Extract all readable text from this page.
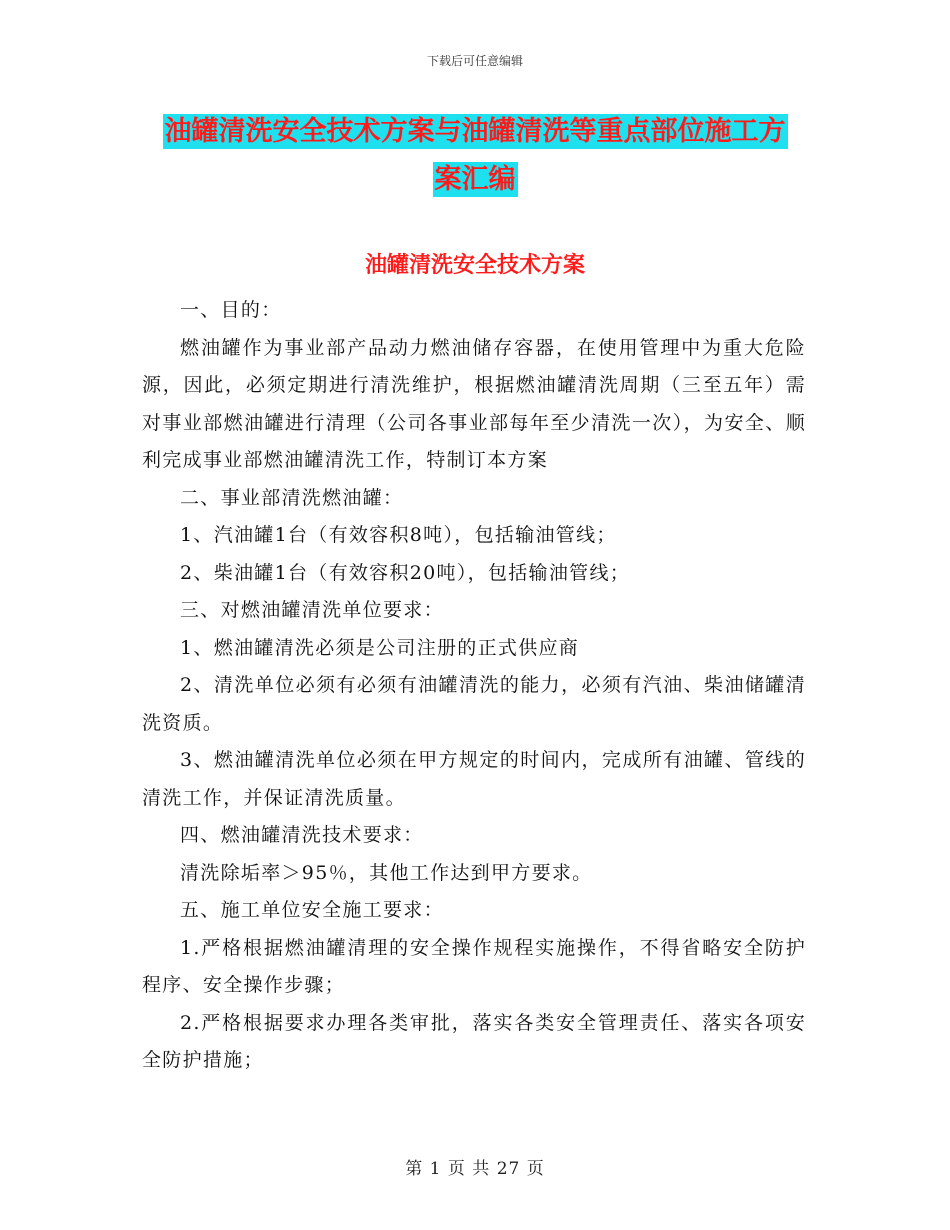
下载后可任意编辑
油罐清洗安全技术方案与油罐清洗等重点部位施工方
案汇编
油罐清洗安全技术方案

一、目的：

燃油罐作为事业部产品动力燃油储存容器，在使用管理中为重大危险源，因此，必须定期进行清洗维护，根据燃油罐清洗周期（三至五年）需对事业部燃油罐进行清理（公司各事业部每年至少清洗一次），为安全、顺利完成事业部燃油罐清洗工作，特制订本方案

二、事业部清洗燃油罐：

1、汽油罐1台（有效容积8吨），包括输油管线；

2、柴油罐1台（有效容积20吨），包括输油管线；

三、对燃油罐清洗单位要求：

1、燃油罐清洗必须是公司注册的正式供应商

2、清洗单位必须有必须有油罐清洗的能力，必须有汽油、柴油储罐清洗资质。

3、燃油罐清洗单位必须在甲方规定的时间内，完成所有油罐、管线的清洗工作，并保证清洗质量。

四、燃油罐清洗技术要求：

清洗除垢率＞95％，其他工作达到甲方要求。

五、施工单位安全施工要求：

1.严格根据燃油罐清理的安全操作规程实施操作，不得省略安全防护程序、安全操作步骤；

2.严格根据要求办理各类审批，落实各类安全管理责任、落实各项安全防护措施；

第 1 页 共 27 页
